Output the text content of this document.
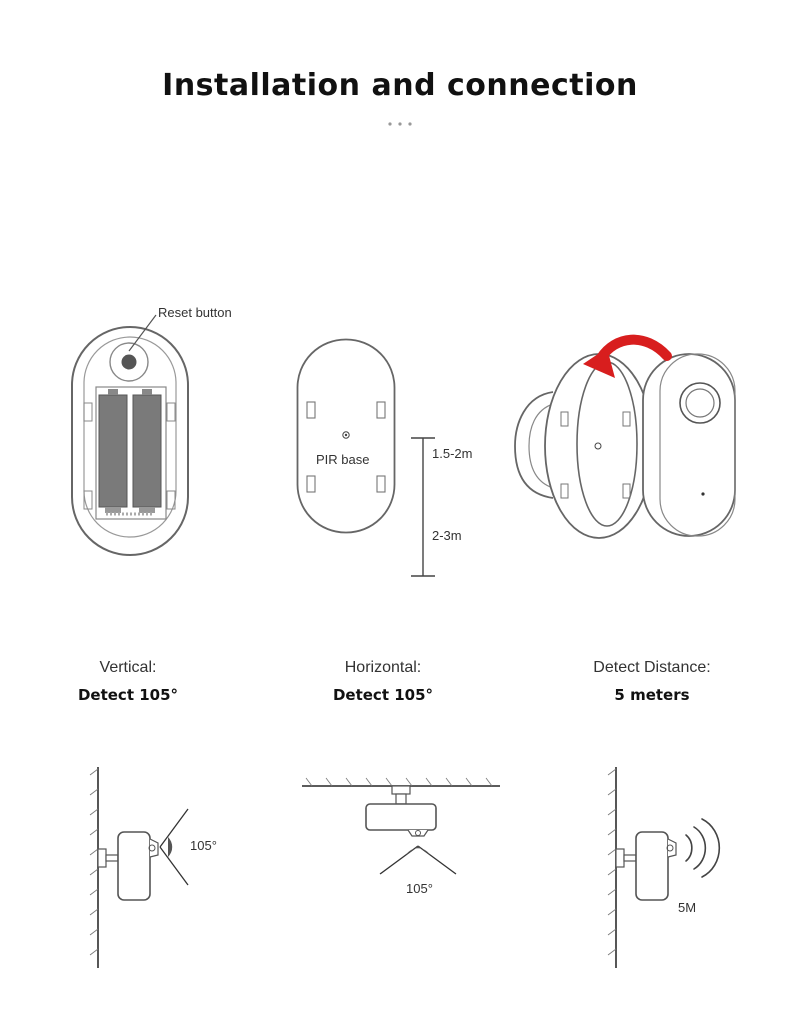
Installation and connection
Reset button
PIR base	1.5-2m
2-3m
Vertical:
Detect 105°
Horizontal:
Detect 105°
Detect Distance:
5 meters
105°
105°
5M
